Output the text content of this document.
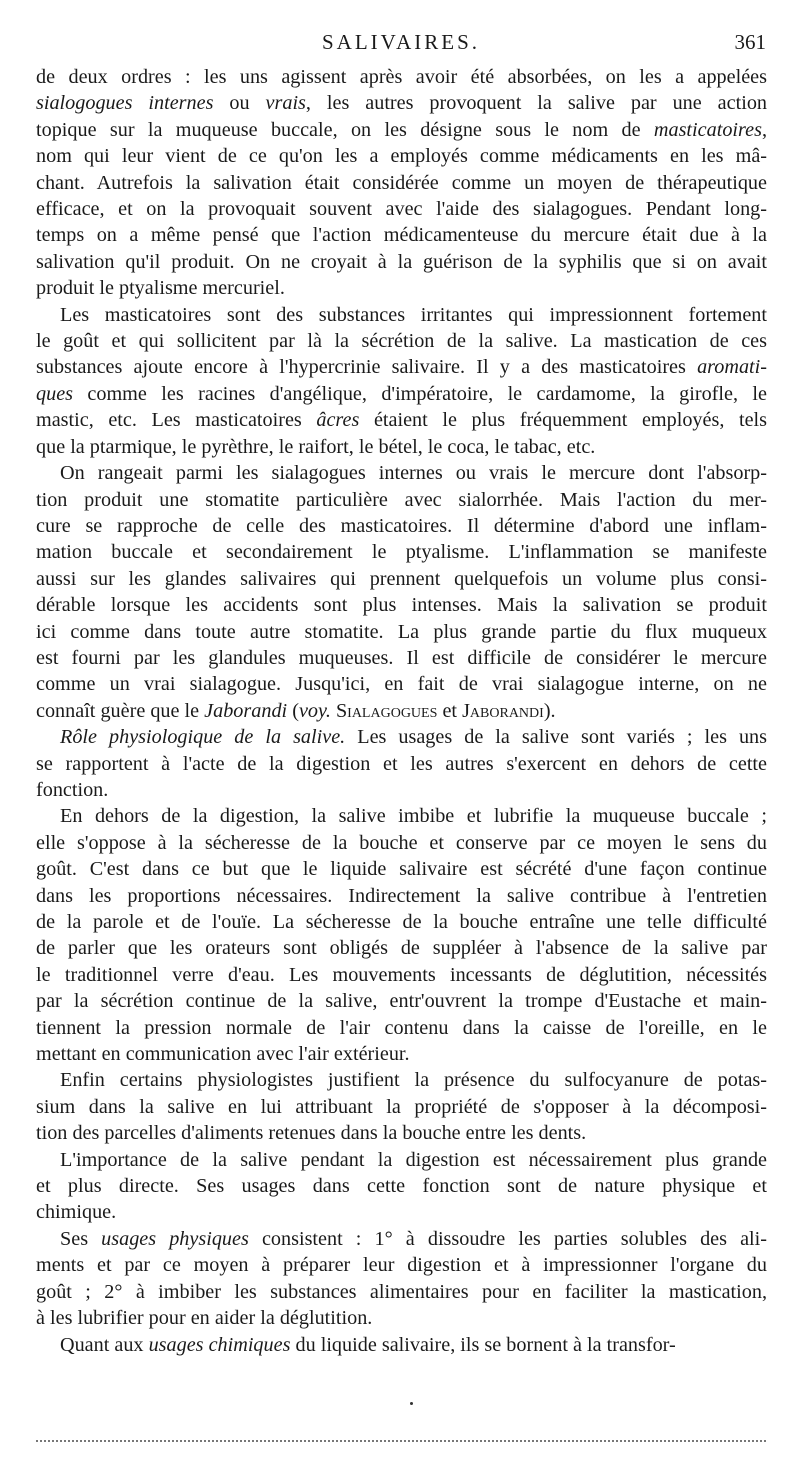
SALIVAIRES.	361
de deux ordres : les uns agissent après avoir été absorbées, on les a appelées
sialogogues internes ou vrais, les autres provoquent la salive par une action
topique sur la muqueuse buccale, on les désigne sous le nom de masticatoires,
nom qui leur vient de ce qu'on les a employés comme médicaments en les mâ-
chant. Autrefois la salivation était considérée comme un moyen de thérapeutique
efficace, et on la provoquait souvent avec l'aide des sialagogues. Pendant long-
temps on a même pensé que l'action médicamenteuse du mercure était due à la
salivation qu'il produit. On ne croyait à la guérison de la syphilis que si on avait
produit le ptyalisme mercuriel.
Les masticatoires sont des substances irritantes qui impressionnent fortement
le goût et qui sollicitent par là la sécrétion de la salive. La mastication de ces
substances ajoute encore à l'hypercrinie salivaire. Il y a des masticatoires aromati-
ques comme les racines d'angélique, d'impératoire, le cardamome, la girofle, le
mastic, etc. Les masticatoires âcres étaient le plus fréquemment employés, tels
que la ptarmique, le pyrèthre, le raifort, le bétel, le coca, le tabac, etc.
On rangeait parmi les sialagogues internes ou vrais le mercure dont l'absorp-
tion produit une stomatite particulière avec sialorrhée. Mais l'action du mer-
cure se rapproche de celle des masticatoires. Il détermine d'abord une inflam-
mation buccale et secondairement le ptyalisme. L'inflammation se manifeste
aussi sur les glandes salivaires qui prennent quelquefois un volume plus consi-
dérable lorsque les accidents sont plus intenses. Mais la salivation se produit
ici comme dans toute autre stomatite. La plus grande partie du flux muqueux
est fourni par les glandules muqueuses. Il est difficile de considérer le mercure
comme un vrai sialagogue. Jusqu'ici, en fait de vrai sialagogue interne, on ne
connaît guère que le Jaborandi (voy. Sialagogues et Jaborandi).
Rôle physiologique de la salive. Les usages de la salive sont variés ; les uns
se rapportent à l'acte de la digestion et les autres s'exercent en dehors de cette
fonction.
En dehors de la digestion, la salive imbibe et lubrifie la muqueuse buccale ;
elle s'oppose à la sécheresse de la bouche et conserve par ce moyen le sens du
goût. C'est dans ce but que le liquide salivaire est sécrété d'une façon continue
dans les proportions nécessaires. Indirectement la salive contribue à l'entretien
de la parole et de l'ouïe. La sécheresse de la bouche entraîne une telle difficulté
de parler que les orateurs sont obligés de suppléer à l'absence de la salive par
le traditionnel verre d'eau. Les mouvements incessants de déglutition, nécessités
par la sécrétion continue de la salive, entr'ouvrent la trompe d'Eustache et main-
tiennent la pression normale de l'air contenu dans la caisse de l'oreille, en le
mettant en communication avec l'air extérieur.
Enfin certains physiologistes justifient la présence du sulfocyanure de potas-
sium dans la salive en lui attribuant la propriété de s'opposer à la décomposi-
tion des parcelles d'aliments retenues dans la bouche entre les dents.
L'importance de la salive pendant la digestion est nécessairement plus grande
et plus directe. Ses usages dans cette fonction sont de nature physique et
chimique.
Ses usages physiques consistent : 1° à dissoudre les parties solubles des ali-
ments et par ce moyen à préparer leur digestion et à impressionner l'organe du
goût ; 2° à imbiber les substances alimentaires pour en faciliter la mastication,
à les lubrifier pour en aider la déglutition.
Quant aux usages chimiques du liquide salivaire, ils se bornent à la transfor-
